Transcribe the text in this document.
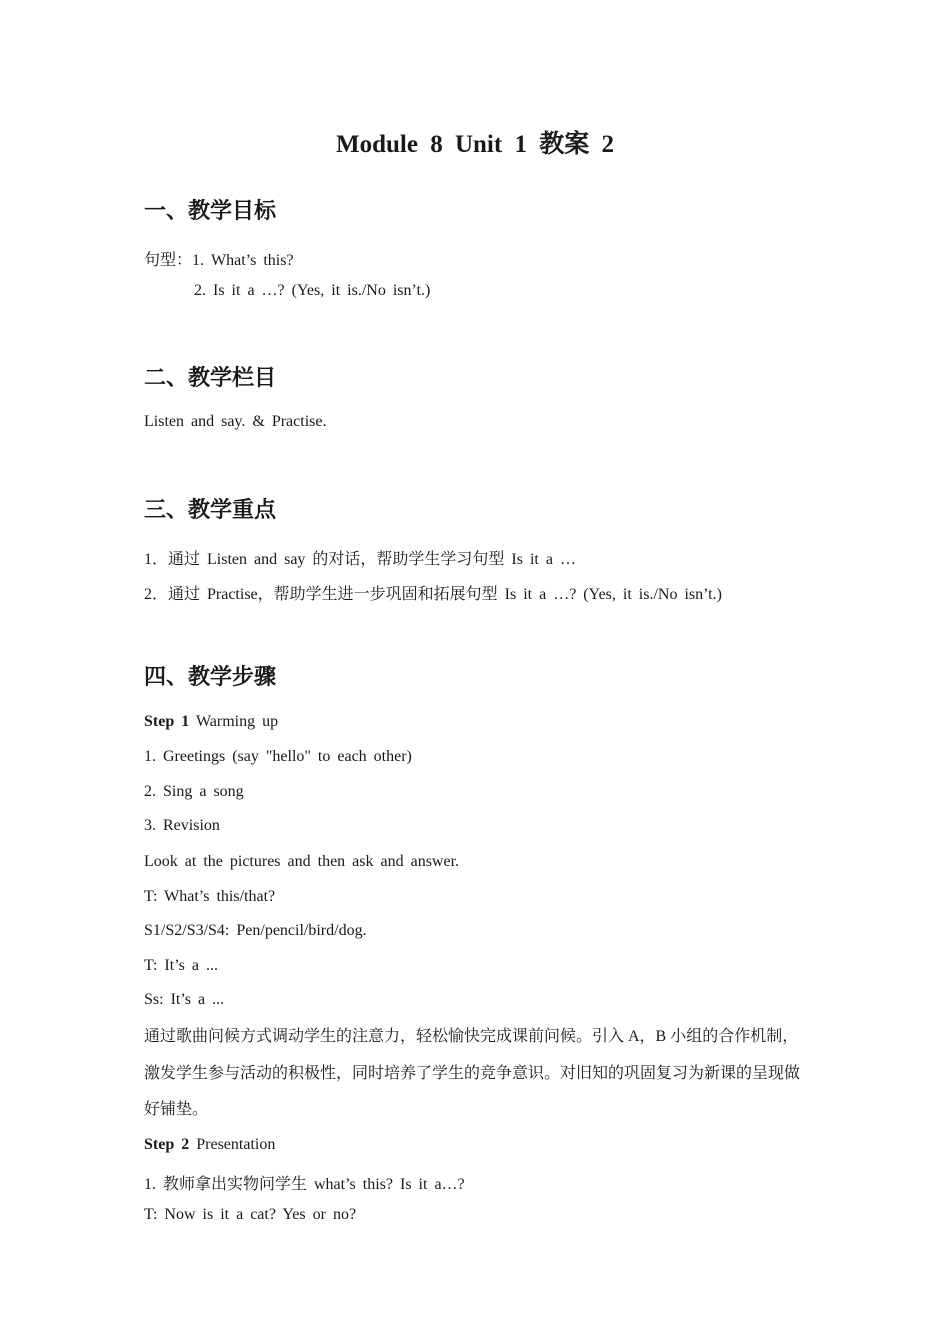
Module 8 Unit 1 教案 2
一、教学目标
句型：1. What’s this?
2. Is it a …? (Yes, it is./No isn’t.)
二、教学栏目
Listen and say. & Practise.
三、教学重点
1．通过 Listen and say 的对话，帮助学生学习句型 Is it a …
2．通过 Practise，帮助学生进一步巩固和拓展句型 Is it a …? (Yes, it is./No isn’t.)
四、教学步骤
Step 1 Warming up
1. Greetings (say "hello" to each other)
2. Sing a song
3. Revision
Look at the pictures and then ask and answer.
T: What’s this/that?
S1/S2/S3/S4: Pen/pencil/bird/dog.
T: It’s a ...
Ss: It’s a ...
通过歌曲问候方式调动学生的注意力，轻松愉快完成课前问候。引入 A，B 小组的合作机制，激发学生参与活动的积极性，同时培养了学生的竞争意识。对旧知的巩固复习为新课的呈现做好铺垫。
Step 2 Presentation
1. 教师拿出实物问学生 what’s this? Is it a…?
T: Now is it a cat? Yes or no?
